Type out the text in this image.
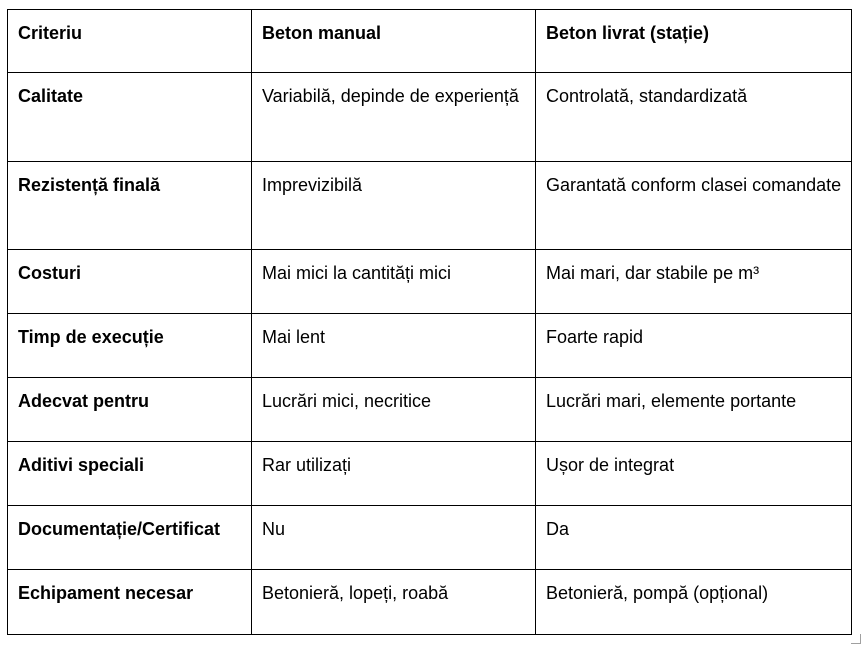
Criteriu	Beton manual	Beton livrat (stație)
Calitate	Variabilă, depinde de experiență	Controlată, standardizată
Rezistență finală	Imprevizibilă	Garantată conform clasei comandate
Costuri	Mai mici la cantități mici	Mai mari, dar stabile pe m³
Timp de execuție	Mai lent	Foarte rapid
Adecvat pentru	Lucrări mici, necritice	Lucrări mari, elemente portante
Aditivi speciali	Rar utilizați	Ușor de integrat
Documentație/Certificat	Nu	Da
Echipament necesar	Betonieră, lopeți, roabă	Betonieră, pompă (opțional)
